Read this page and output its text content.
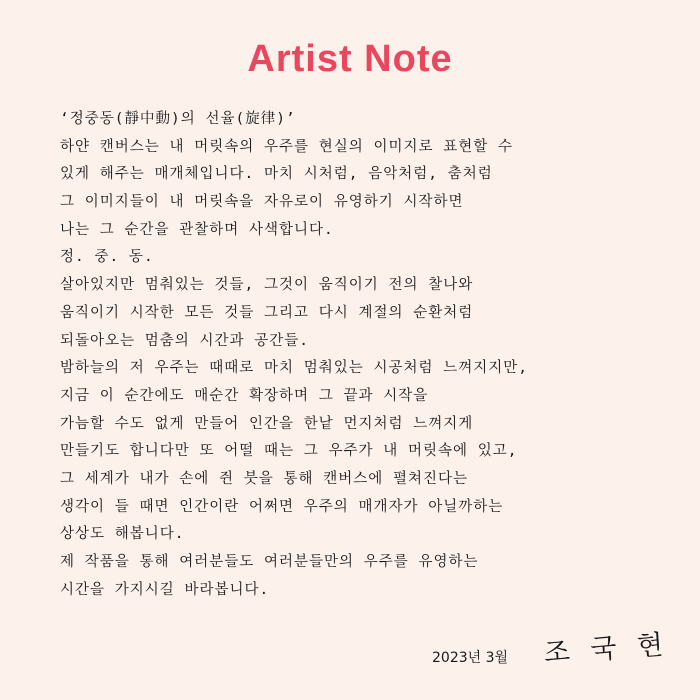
Artist Note
‘정중동(靜中動)의 선율(旋律)’
하얀 캔버스는 내 머릿속의 우주를 현실의 이미지로 표현할 수
있게 해주는 매개체입니다. 마치 시처럼, 음악처럼, 춤처럼
그 이미지들이 내 머릿속을 자유로이 유영하기 시작하면
나는 그 순간을 관찰하며 사색합니다.
정. 중. 동.
살아있지만 멈춰있는 것들, 그것이 움직이기 전의 찰나와
움직이기 시작한 모든 것들 그리고 다시 계절의 순환처럼
되돌아오는 멈춤의 시간과 공간들.
밤하늘의 저 우주는 때때로 마치 멈춰있는 시공처럼 느껴지지만,
지금 이 순간에도 매순간 확장하며 그 끝과 시작을
가늠할 수도 없게 만들어 인간을 한낱 먼지처럼 느껴지게
만들기도 합니다만 또 어떨 때는 그 우주가 내 머릿속에 있고,
그 세계가 내가 손에 쥔 붓을 통해 캔버스에 펼쳐진다는
생각이 들 때면 인간이란 어쩌면 우주의 매개자가 아닐까하는
상상도 해봅니다.
제 작품을 통해 여러분들도 여러분들만의 우주를 유영하는
시간을 가지시길 바라봅니다.
2023년 3월 조 국 현
